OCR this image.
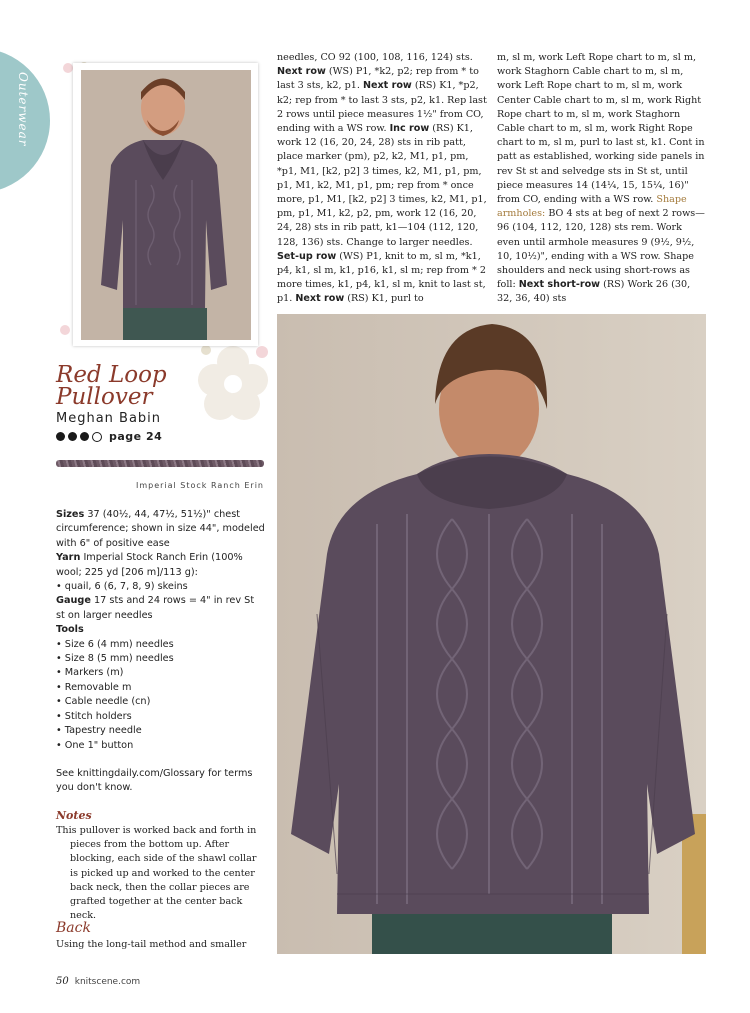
Outerwear
Red Loop
Pullover
Meghan Babin
page 24
Imperial Stock Ranch Erin
Sizes 37 (40½, 44, 47½, 51½)" chest circumference; shown in size 44", modeled with 6" of positive ease
Yarn Imperial Stock Ranch Erin (100% wool; 225 yd [206 m]/113 g):
• quail, 6 (6, 7, 8, 9) skeins
Gauge 17 sts and 24 rows = 4" in rev St st on larger needles
Tools
• Size 6 (4 mm) needles
• Size 8 (5 mm) needles
• Markers (m)
• Removable m
• Cable needle (cn)
• Stitch holders
• Tapestry needle
• One 1" button
See knittingdaily.com/Glossary for terms you don't know.
Notes
This pullover is worked back and forth in pieces from the bottom up. After blocking, each side of the shawl collar is picked up and worked to the center back neck, then the collar pieces are grafted together at the center back neck.
Back
Using the long-tail method and smaller
needles, CO 92 (100, 108, 116, 124) sts. Next row (WS) P1, *k2, p2; rep from * to last 3 sts, k2, p1. Next row (RS) K1, *p2, k2; rep from * to last 3 sts, p2, k1. Rep last 2 rows until piece measures 1½" from CO, ending with a WS row. Inc row (RS) K1, work 12 (16, 20, 24, 28) sts in rib patt, place marker (pm), p2, k2, M1, p1, pm, *p1, M1, [k2, p2] 3 times, k2, M1, p1, pm, p1, M1, k2, M1, p1, pm; rep from * once more, p1, M1, [k2, p2] 3 times, k2, M1, p1, pm, p1, M1, k2, p2, pm, work 12 (16, 20, 24, 28) sts in rib patt, k1—104 (112, 120, 128, 136) sts. Change to larger needles. Set-up row (WS) P1, knit to m, sl m, *k1, p4, k1, sl m, k1, p16, k1, sl m; rep from * 2 more times, k1, p4, k1, sl m, knit to last st, p1. Next row (RS) K1, purl to
m, sl m, work Left Rope chart to m, sl m, work Staghorn Cable chart to m, sl m, work Left Rope chart to m, sl m, work Center Cable chart to m, sl m, work Right Rope chart to m, sl m, work Staghorn Cable chart to m, sl m, work Right Rope chart to m, sl m, purl to last st, k1. Cont in patt as established, working side panels in rev St st and selvedge sts in St st, until piece measures 14 (14¼, 15, 15¼, 16)" from CO, ending with a WS row. Shape armholes: BO 4 sts at beg of next 2 rows—96 (104, 112, 120, 128) sts rem. Work even until armhole measures 9 (9½, 9½, 10, 10½)", ending with a WS row. Shape shoulders and neck using short-rows as foll: Next short-row (RS) Work 26 (30, 32, 36, 40) sts
50 knitscene.com
